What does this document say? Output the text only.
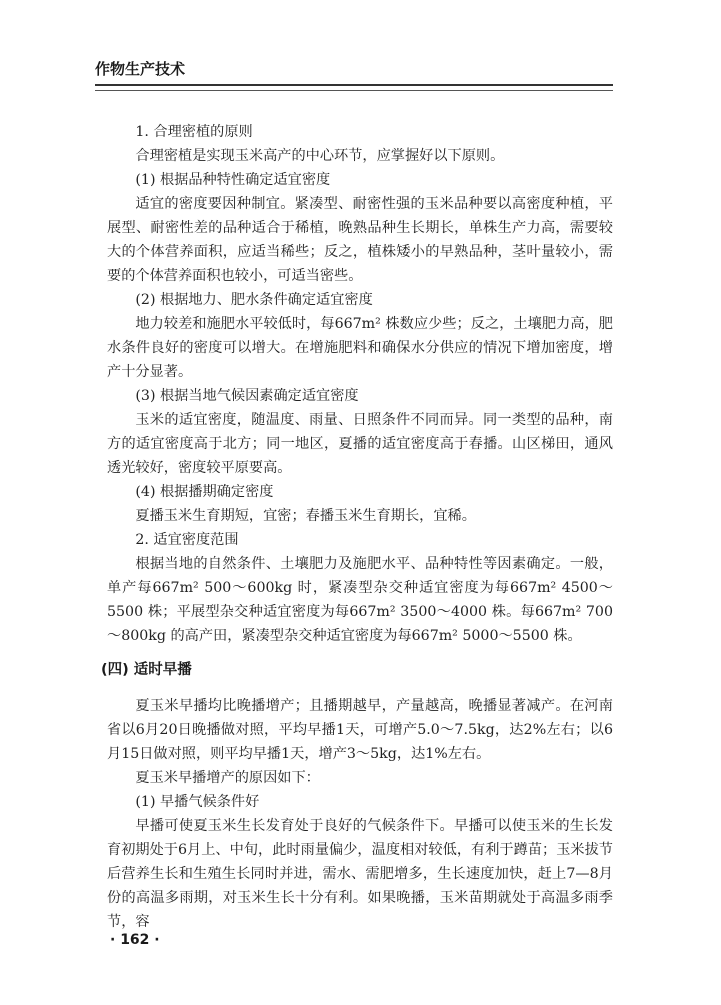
作物生产技术

1. 合理密植的原则

合理密植是实现玉米高产的中心环节，应掌握好以下原则。

(1) 根据品种特性确定适宜密度

适宜的密度要因种制宜。紧凑型、耐密性强的玉米品种要以高密度种植，平展型、耐密性差的品种适合于稀植，晚熟品种生长期长，单株生产力高，需要较大的个体营养面积，应适当稀些；反之，植株矮小的早熟品种，茎叶量较小，需要的个体营养面积也较小，可适当密些。

(2) 根据地力、肥水条件确定适宜密度

地力较差和施肥水平较低时，每667m² 株数应少些；反之，土壤肥力高，肥水条件良好的密度可以增大。在增施肥料和确保水分供应的情况下增加密度，增产十分显著。

(3) 根据当地气候因素确定适宜密度

玉米的适宜密度，随温度、雨量、日照条件不同而异。同一类型的品种，南方的适宜密度高于北方；同一地区，夏播的适宜密度高于春播。山区梯田，通风透光较好，密度较平原要高。

(4) 根据播期确定密度

夏播玉米生育期短，宜密；春播玉米生育期长，宜稀。

2. 适宜密度范围

根据当地的自然条件、土壤肥力及施肥水平、品种特性等因素确定。一般，单产每667m² 500～600kg 时，紧凑型杂交种适宜密度为每667m² 4500～5500 株；平展型杂交种适宜密度为每667m² 3500～4000 株。每667m² 700～800kg 的高产田，紧凑型杂交种适宜密度为每667m² 5000～5500 株。

(四) 适时早播

夏玉米早播均比晚播增产；且播期越早，产量越高，晚播显著减产。在河南省以6月20日晚播做对照，平均早播1天，可增产5.0～7.5kg，达2%左右；以6月15日做对照，则平均早播1天，增产3～5kg，达1%左右。

夏玉米早播增产的原因如下：

(1) 早播气候条件好

早播可使夏玉米生长发育处于良好的气候条件下。早播可以使玉米的生长发育初期处于6月上、中旬，此时雨量偏少，温度相对较低，有利于蹲苗；玉米拔节后营养生长和生殖生长同时并进，需水、需肥增多，生长速度加快，赶上7—8月份的高温多雨期，对玉米生长十分有利。如果晚播，玉米苗期就处于高温多雨季节，容

· 162 ·
